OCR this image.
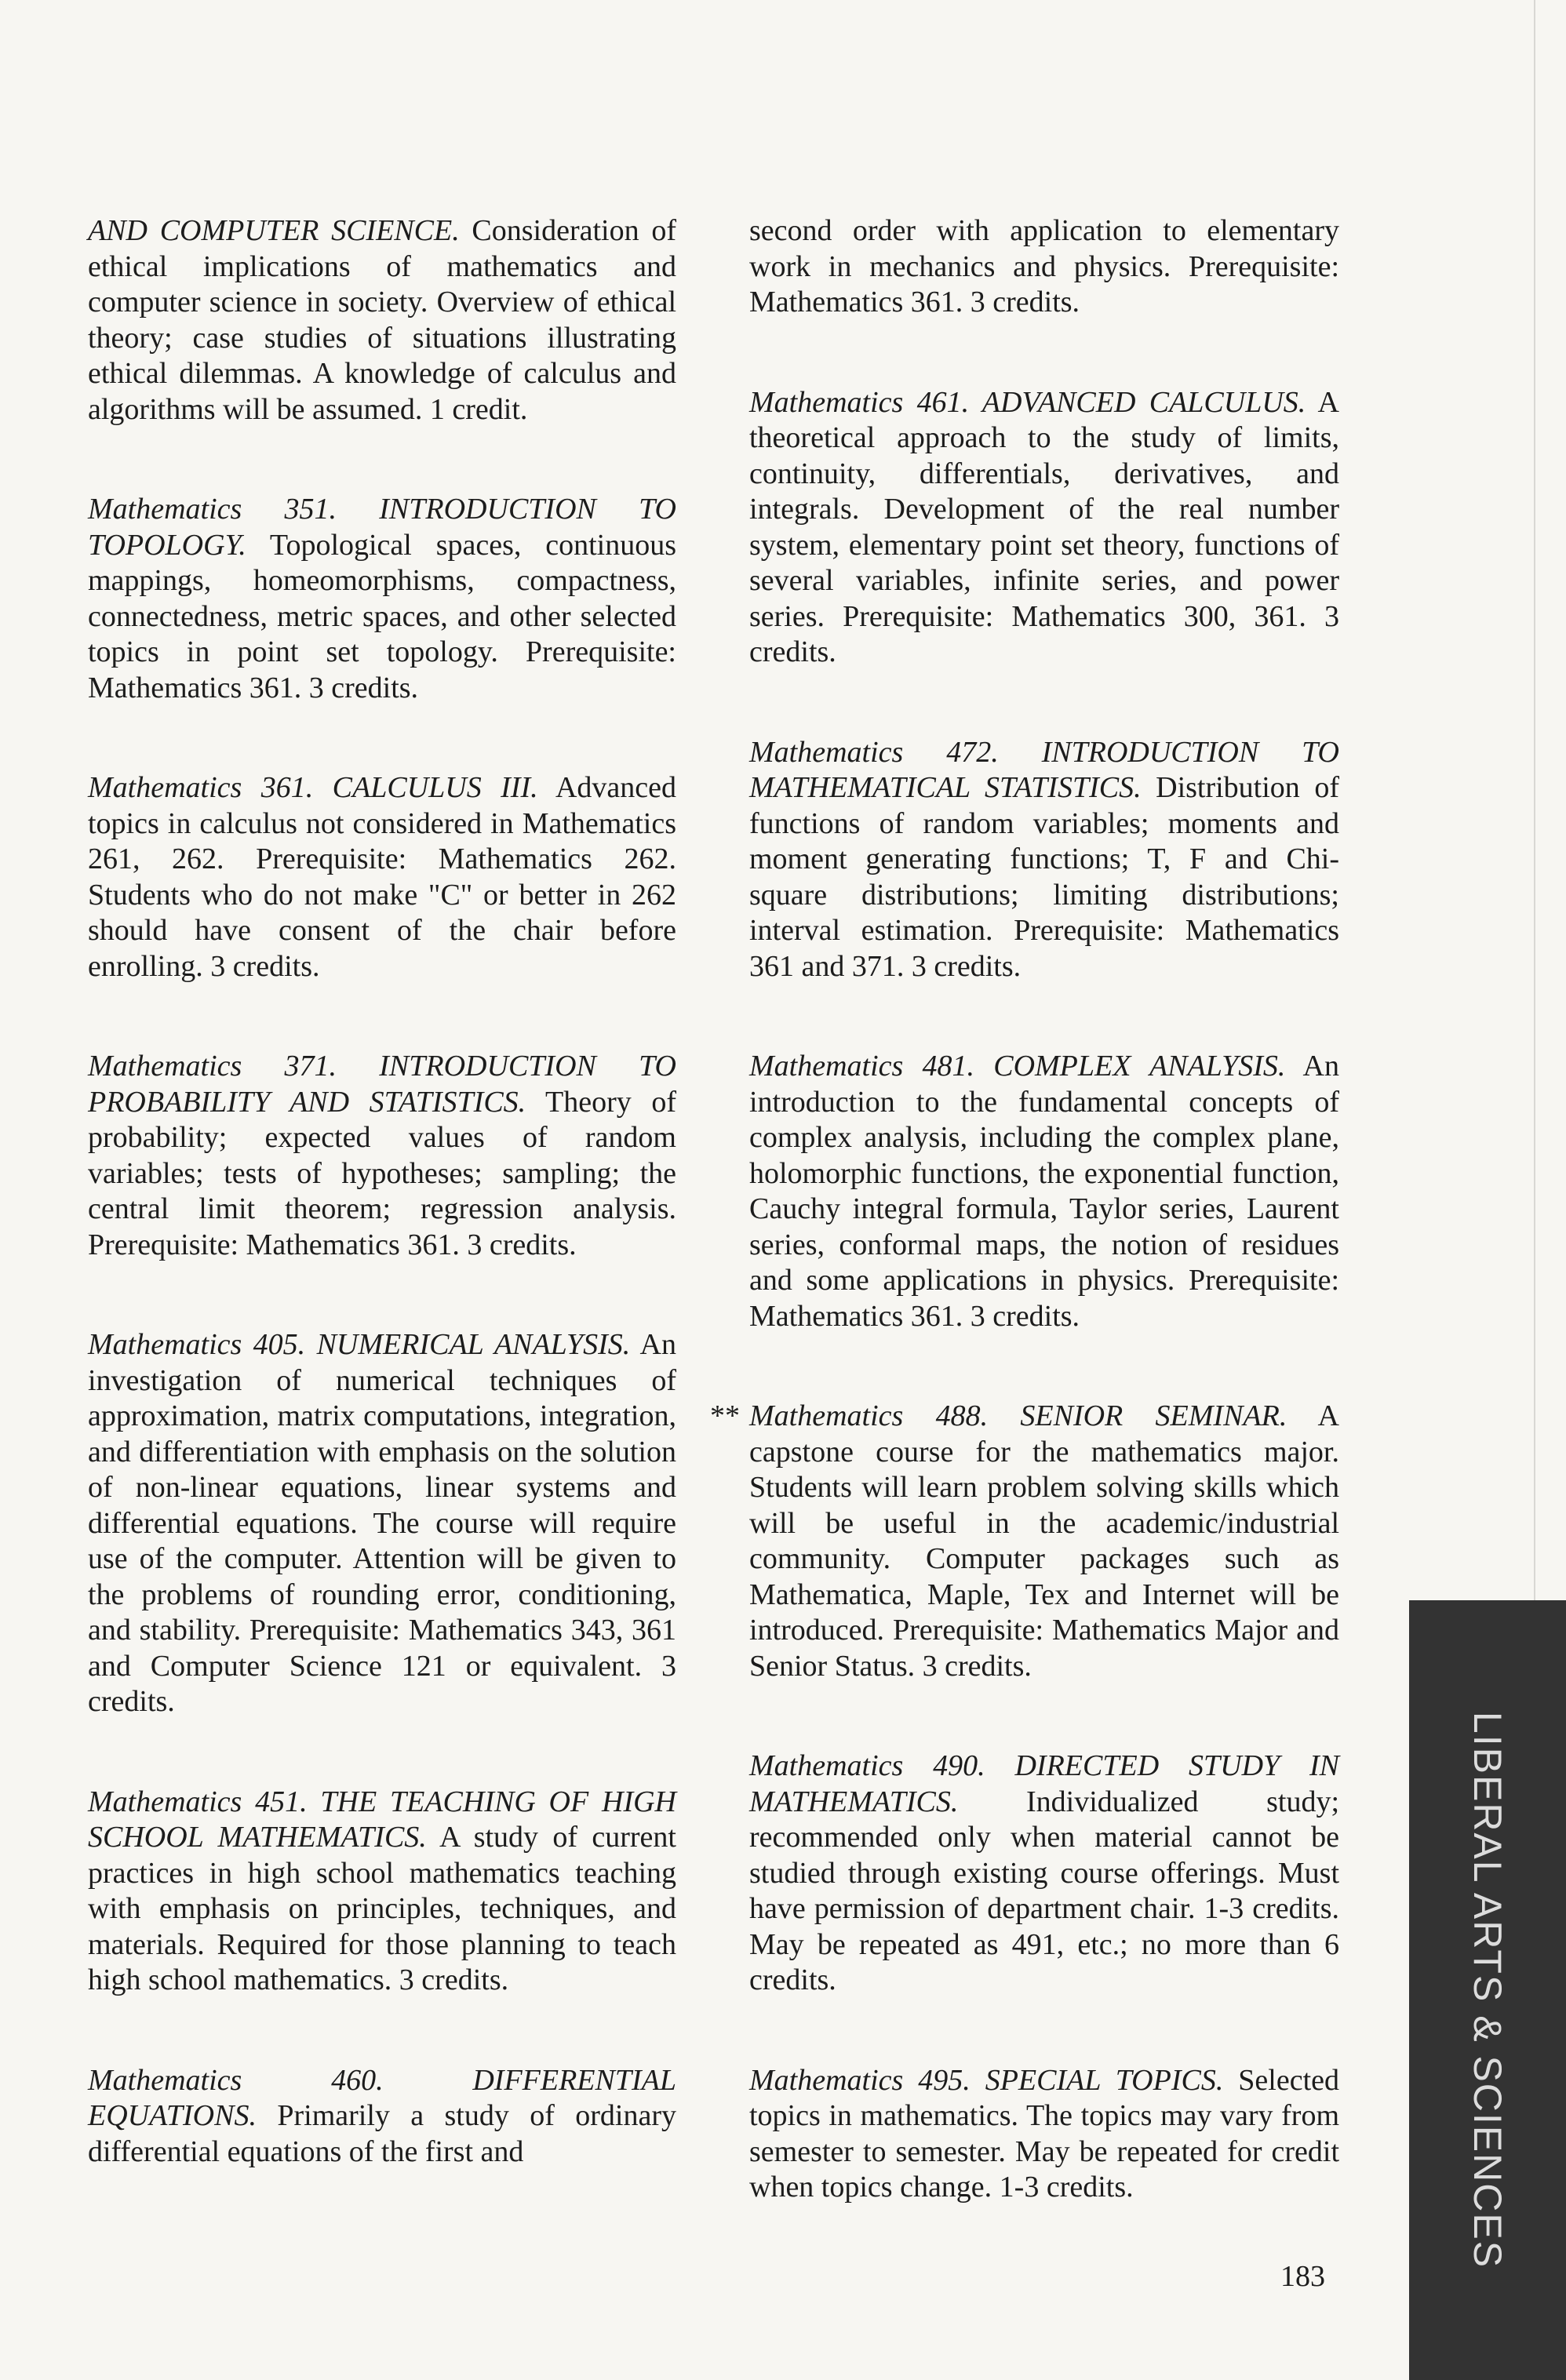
AND COMPUTER SCIENCE. Consideration of ethical implications of mathematics and computer science in society. Overview of ethical theory; case studies of situations illustrating ethical dilemmas. A knowledge of calculus and algorithms will be assumed. 1 credit.

Mathematics 351. INTRODUCTION TO TOPOLOGY. Topological spaces, continuous mappings, homeomorphisms, compactness, connectedness, metric spaces, and other selected topics in point set topology. Prerequisite: Mathematics 361. 3 credits.

Mathematics 361. CALCULUS III. Advanced topics in calculus not considered in Mathematics 261, 262. Prerequisite: Mathematics 262. Students who do not make "C" or better in 262 should have consent of the chair before enrolling. 3 credits.

Mathematics 371. INTRODUCTION TO PROBABILITY AND STATISTICS. Theory of probability; expected values of random variables; tests of hypotheses; sampling; the central limit theorem; regression analysis. Prerequisite: Mathematics 361. 3 credits.

Mathematics 405. NUMERICAL ANALYSIS. An investigation of numerical techniques of approximation, matrix computations, integration, and differentiation with emphasis on the solution of non-linear equations, linear systems and differential equations. The course will require use of the computer. Attention will be given to the problems of rounding error, conditioning, and stability. Prerequisite: Mathematics 343, 361 and Computer Science 121 or equivalent. 3 credits.

Mathematics 451. THE TEACHING OF HIGH SCHOOL MATHEMATICS. A study of current practices in high school mathematics teaching with emphasis on principles, techniques, and materials. Required for those planning to teach high school mathematics. 3 credits.

Mathematics 460. DIFFERENTIAL EQUATIONS. Primarily a study of ordinary differential equations of the first and

second order with application to elementary work in mechanics and physics. Prerequisite: Mathematics 361. 3 credits.

Mathematics 461. ADVANCED CALCULUS. A theoretical approach to the study of limits, continuity, differentials, derivatives, and integrals. Development of the real number system, elementary point set theory, functions of several variables, infinite series, and power series. Prerequisite: Mathematics 300, 361. 3 credits.

Mathematics 472. INTRODUCTION TO MATHEMATICAL STATISTICS. Distribution of functions of random variables; moments and moment generating functions; T, F and Chi-square distributions; limiting distributions; interval estimation. Prerequisite: Mathematics 361 and 371. 3 credits.

Mathematics 481. COMPLEX ANALYSIS. An introduction to the fundamental concepts of complex analysis, including the complex plane, holomorphic functions, the exponential function, Cauchy integral formula, Taylor series, Laurent series, conformal maps, the notion of residues and some applications in physics. Prerequisite: Mathematics 361. 3 credits.

** Mathematics 488. SENIOR SEMINAR. A capstone course for the mathematics major. Students will learn problem solving skills which will be useful in the academic/industrial community. Computer packages such as Mathematica, Maple, Tex and Internet will be introduced. Prerequisite: Mathematics Major and Senior Status. 3 credits.

Mathematics 490. DIRECTED STUDY IN MATHEMATICS. Individualized study; recommended only when material cannot be studied through existing course offerings. Must have permission of department chair. 1-3 credits. May be repeated as 491, etc.; no more than 6 credits.

Mathematics 495. SPECIAL TOPICS. Selected topics in mathematics. The topics may vary from semester to semester. May be repeated for credit when topics change. 1-3 credits.	LIBERAL ARTS & SCIENCES
183
